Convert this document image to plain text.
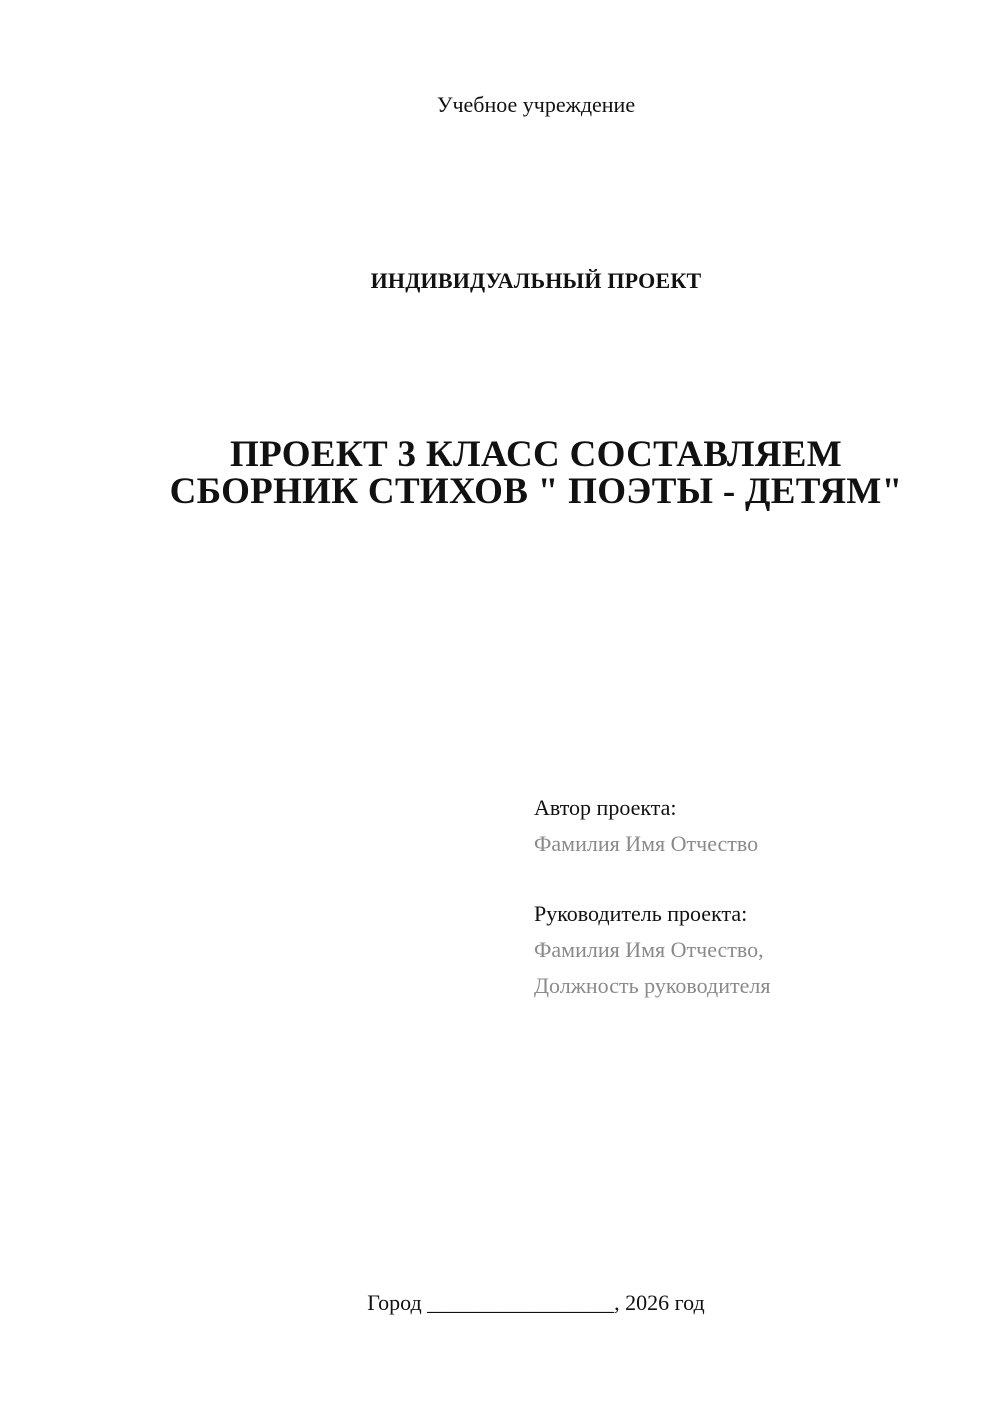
Учебное учреждение
ИНДИВИДУАЛЬНЫЙ ПРОЕКТ
ПРОЕКТ 3 КЛАСС СОСТАВЛЯЕМ
СБОРНИК СТИХОВ " ПОЭТЫ - ДЕТЯМ"
Автор проекта:
Фамилия Имя Отчество
Руководитель проекта:
Фамилия Имя Отчество,
Должность руководителя
Город _________________, 2026 год
